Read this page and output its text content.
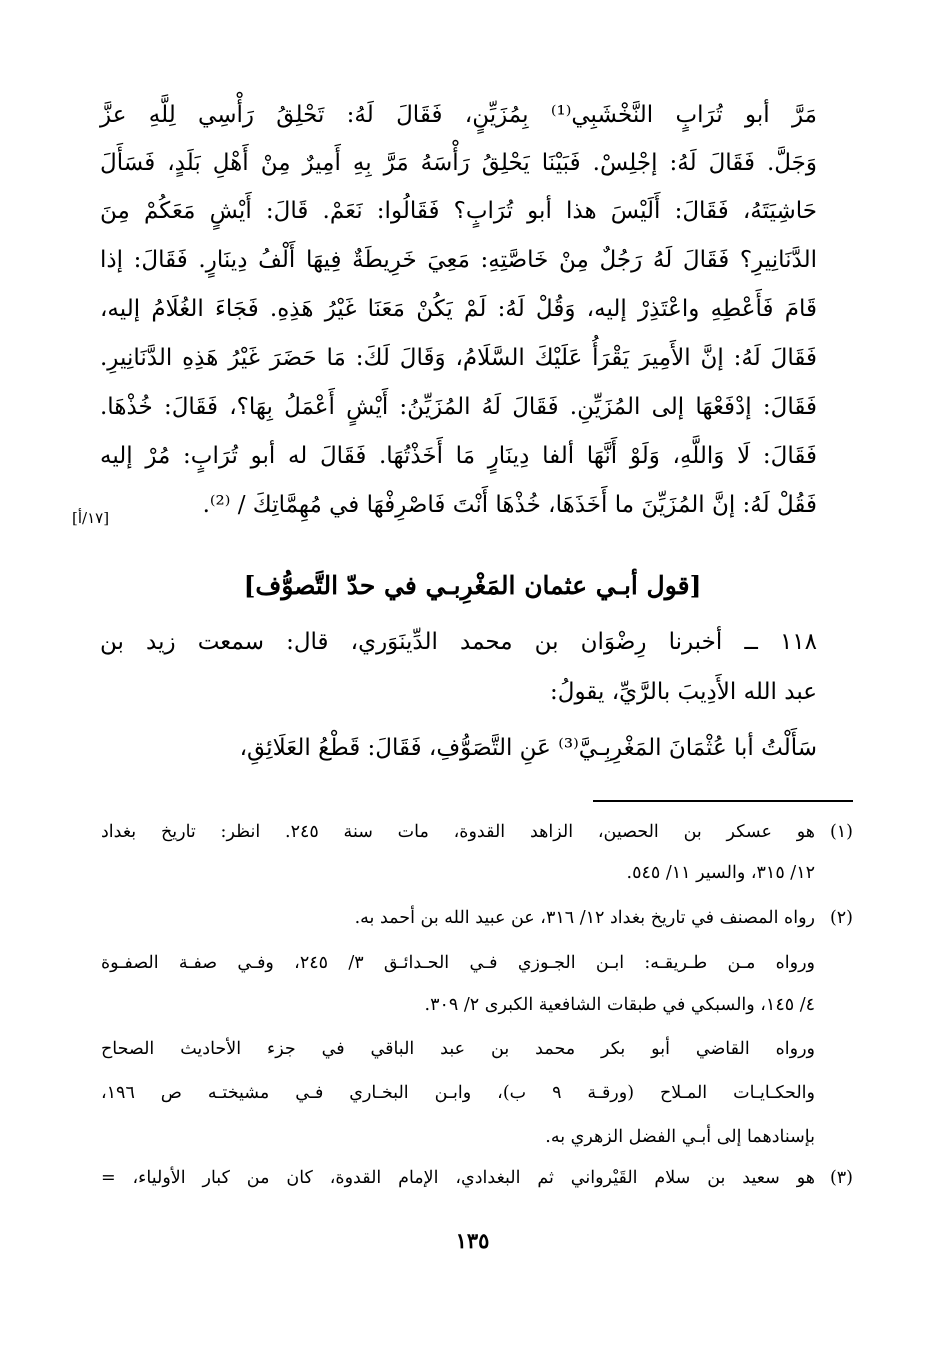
مَرَّ أبو تُرَابٍ النَّخْشَبِي⁽¹⁾ بِمُزَيِّنٍ، فَقَالَ لَهُ: تَحْلِقُ رَأْسِي لِلَّهِ عزَّ
وَجَلَّ. فَقَالَ لَهُ: إجْلِسْ. فَبَيْنَا يَحْلِقُ رَأْسَهُ مَرَّ بِهِ أَمِيرٌ مِنْ أَهْلِ بَلَدٍ، فَسَأَلَ
حَاشِيَتَهُ، فَقَالَ: أَلَيْسَ هذا أبو تُرَابٍ؟ فَقَالُوا: نَعَمْ. قَالَ: أَيْشٍ مَعَكُمْ مِنَ
الدَّنَانِيرِ؟ فَقَالَ لَهُ رَجُلٌ مِنْ خَاصَّتِهِ: مَعِيَ خَرِيطَةٌ فِيهَا أَلْفُ دِينَارٍ. فَقَالَ: إذا
قَامَ فَأَعْطِهِ واعْتَذِرْ إليه، وَقُلْ لَهُ: لَمْ يَكُنْ مَعَنَا غَيْرُ هَذِهِ. فَجَاءَ الغُلَامُ إليه،
فَقَالَ لَهُ: إنَّ الأَمِيرَ يَقْرَأُ عَلَيْكَ السَّلَامُ، وَقَالَ لَكَ: مَا حَضَرَ غَيْرُ هَذِهِ الدَّنَانِيرِ.
فَقَالَ: إدْفَعْهَا إلى المُزَيِّنِ. فَقَالَ لَهُ المُزَيِّنُ: أَيْشٍ أَعْمَلُ بِهَا؟، فَقَالَ: خُذْهَا.
فَقَالَ: لَا وَاللَّهِ، وَلَوْ أَنَّهَا ألفا دِينَارٍ مَا أَخَذْتُهَا. فَقَالَ له أبو تُرَابٍ: مُرْ إليه
فَقُلْ لَهُ: إنَّ المُزَيِّنَ ما أَخَذَهَا، خُذْهَا أَنْتَ فَاصْرِفْهَا في مُهِمَّاتِكَ / ⁽²⁾.
[١٧/أ]
[قول أبـي عثمان المَغْرِبـي في حدّ التَّصوُّف]
١١٨ ــ أخبرنا رِضْوَان بن محمد الدِّينَوَري، قال: سمعت زيد بن
عبد الله الأَدِيبَ بالرَّيِّ، يقولُ:
سَأَلْتُ أبا عُثْمَانَ المَغْرِبِـيَّ⁽³⁾ عَنِ التَّصَوُّفِ، فَقَالَ: قَطْعُ العَلَائِقِ،
(١)
هو عسكر بن الحصين، الزاهد القدوة، مات سنة ٢٤٥. انظر: تاريخ بغداد
١٢/ ٣١٥، والسير ١١/ ٥٤٥.
(٢)
رواه المصنف في تاريخ بغداد ١٢/ ٣١٦، عن عبيد الله بن أحمد به.
ورواه مـن طـريقـه: ابـن الجـوزي فـي الحـدائـق ٣/ ٢٤٥، وفـي صفـة الصفـوة
٤/ ١٤٥، والسبكي في طبقات الشافعية الكبرى ٢/ ٣٠٩.
ورواه القاضي أبو بكر محمد بن عبد الباقي في جزء الأحاديث الصحاح
والحكـايـات المـلاح (ورقـة ٩ ب)، وابـن البخـاري فـي مشيختـه ص ١٩٦،
بإسنادهما إلى أبـي الفضل الزهري به.
(٣)
هو سعيد بن سلام القَيْرواني ثم البغدادي، الإمام القدوة، كان من كبار الأولياء، =
١٣٥
